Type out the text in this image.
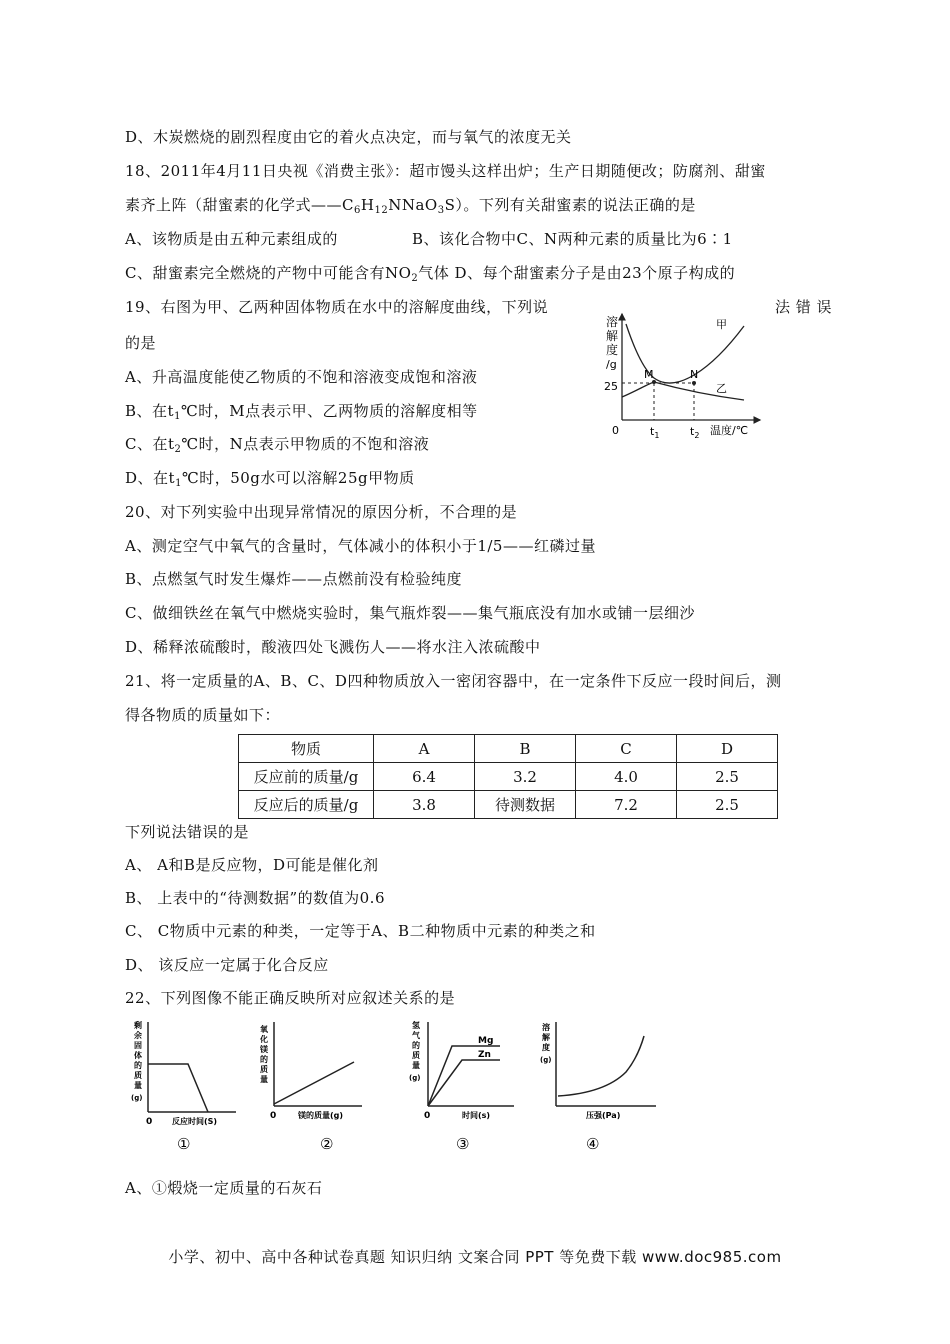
D、木炭燃烧的剧烈程度由它的着火点决定，而与氧气的浓度无关
18、2011年4月11日央视《消费主张》：超市馒头这样出炉；生产日期随便改；防腐剂、甜蜜
素齐上阵（甜蜜素的化学式$——C_6H_{12}NNaO_3S$）。下列有关甜蜜素的说法正确的是
A、该物质是由五种元素组成的	B、该化合物中C、N两种元素的质量比为6∶1
C、甜蜜素完全燃烧的产物中可能含有$NO_2$气体 D、每个甜蜜素分子是由23个原子构成的
19、右图为甲、乙两种固体物质在水中的溶解度曲线，下列说	法 错 误
的是
A、升高温度能使乙物质的不饱和溶液变成饱和溶液
B、在$t_1℃$时，M点表示甲、乙两物质的溶解度相等
C、在$t_2℃$时，N点表示甲物质的不饱和溶液
D、在$t_1℃$时，50g水可以溶解25g甲物质
溶
解
度
/g
25
0
M	N
甲
乙
$t_1$	$t_2$ 温度/℃
20、对下列实验中出现异常情况的原因分析，不合理的是
A、测定空气中氧气的含量时，气体减小的体积小于1/5——红磷过量
B、点燃氢气时发生爆炸——点燃前没有检验纯度
C、做细铁丝在氧气中燃烧实验时，集气瓶炸裂——集气瓶底没有加水或铺一层细沙
D、稀释浓硫酸时，酸液四处飞溅伤人——将水注入浓硫酸中
21、将一定质量的A、B、C、D四种物质放入一密闭容器中，在一定条件下反应一段时间后，测
得各物质的质量如下：
物质	A	B	C	D
反应前的质量/g	6.4	3.2	4.0	2.5
反应后的质量/g	3.8	待测数据	7.2	2.5
下列说法错误的是
A、 A和B是反应物，D可能是催化剂
B、 上表中的“待测数据”的数值为0.6
C、 C物质中元素的种类，一定等于A、B二种物质中元素的种类之和
D、 该反应一定属于化合反应
22、下列图像不能正确反映所对应叙述关系的是
剩
余
固
体
的
质
量
(g)
0 反应时间(S)
①
氧
化
镁
的
质
量
0	镁的质量(g)
②
氢
气
的
质
量
(g)
Mg
Zn
0	时间(s)
③
溶
解
度
(g)
压强(Pa)
④
A、①煅烧一定质量的石灰石
小学、初中、高中各种试卷真题 知识归纳 文案合同 PPT 等免费下载 www.doc985.com
